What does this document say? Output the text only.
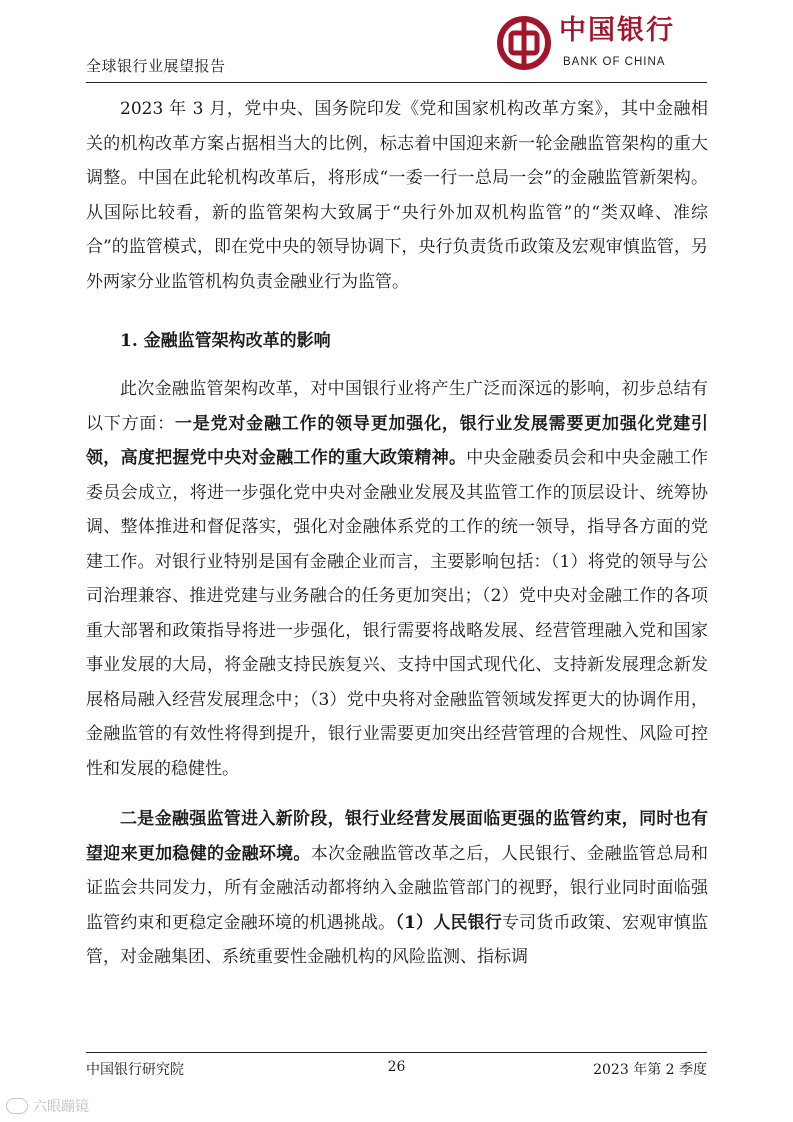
全球银行业展望报告
中国银行
BANK OF CHINA

2023 年 3 月，党中央、国务院印发《党和国家机构改革方案》，其中金融相关的机构改革方案占据相当大的比例，标志着中国迎来新一轮金融监管架构的重大调整。中国在此轮机构改革后，将形成“一委一行一总局一会”的金融监管新架构。从国际比较看，新的监管架构大致属于“央行外加双机构监管”的“类双峰、准综合”的监管模式，即在党中央的领导协调下，央行负责货币政策及宏观审慎监管，另外两家分业监管机构负责金融业行为监管。

1. 金融监管架构改革的影响

此次金融监管架构改革，对中国银行业将产生广泛而深远的影响，初步总结有以下方面：一是党对金融工作的领导更加强化，银行业发展需要更加强化党建引领，高度把握党中央对金融工作的重大政策精神。中央金融委员会和中央金融工作委员会成立，将进一步强化党中央对金融业发展及其监管工作的顶层设计、统筹协调、整体推进和督促落实，强化对金融体系党的工作的统一领导，指导各方面的党建工作。对银行业特别是国有金融企业而言，主要影响包括：（1）将党的领导与公司治理兼容、推进党建与业务融合的任务更加突出；（2）党中央对金融工作的各项重大部署和政策指导将进一步强化，银行需要将战略发展、经营管理融入党和国家事业发展的大局，将金融支持民族复兴、支持中国式现代化、支持新发展理念新发展格局融入经营发展理念中；（3）党中央将对金融监管领域发挥更大的协调作用，金融监管的有效性将得到提升，银行业需要更加突出经营管理的合规性、风险可控性和发展的稳健性。

二是金融强监管进入新阶段，银行业经营发展面临更强的监管约束，同时也有望迎来更加稳健的金融环境。本次金融监管改革之后，人民银行、金融监管总局和证监会共同发力，所有金融活动都将纳入金融监管部门的视野，银行业同时面临强监管约束和更稳定金融环境的机遇挑战。（1）人民银行专司货币政策、宏观审慎监管，对金融集团、系统重要性金融机构的风险监测、指标调

中国银行研究院	26	2023 年第 2 季度
六眼蹦镜
